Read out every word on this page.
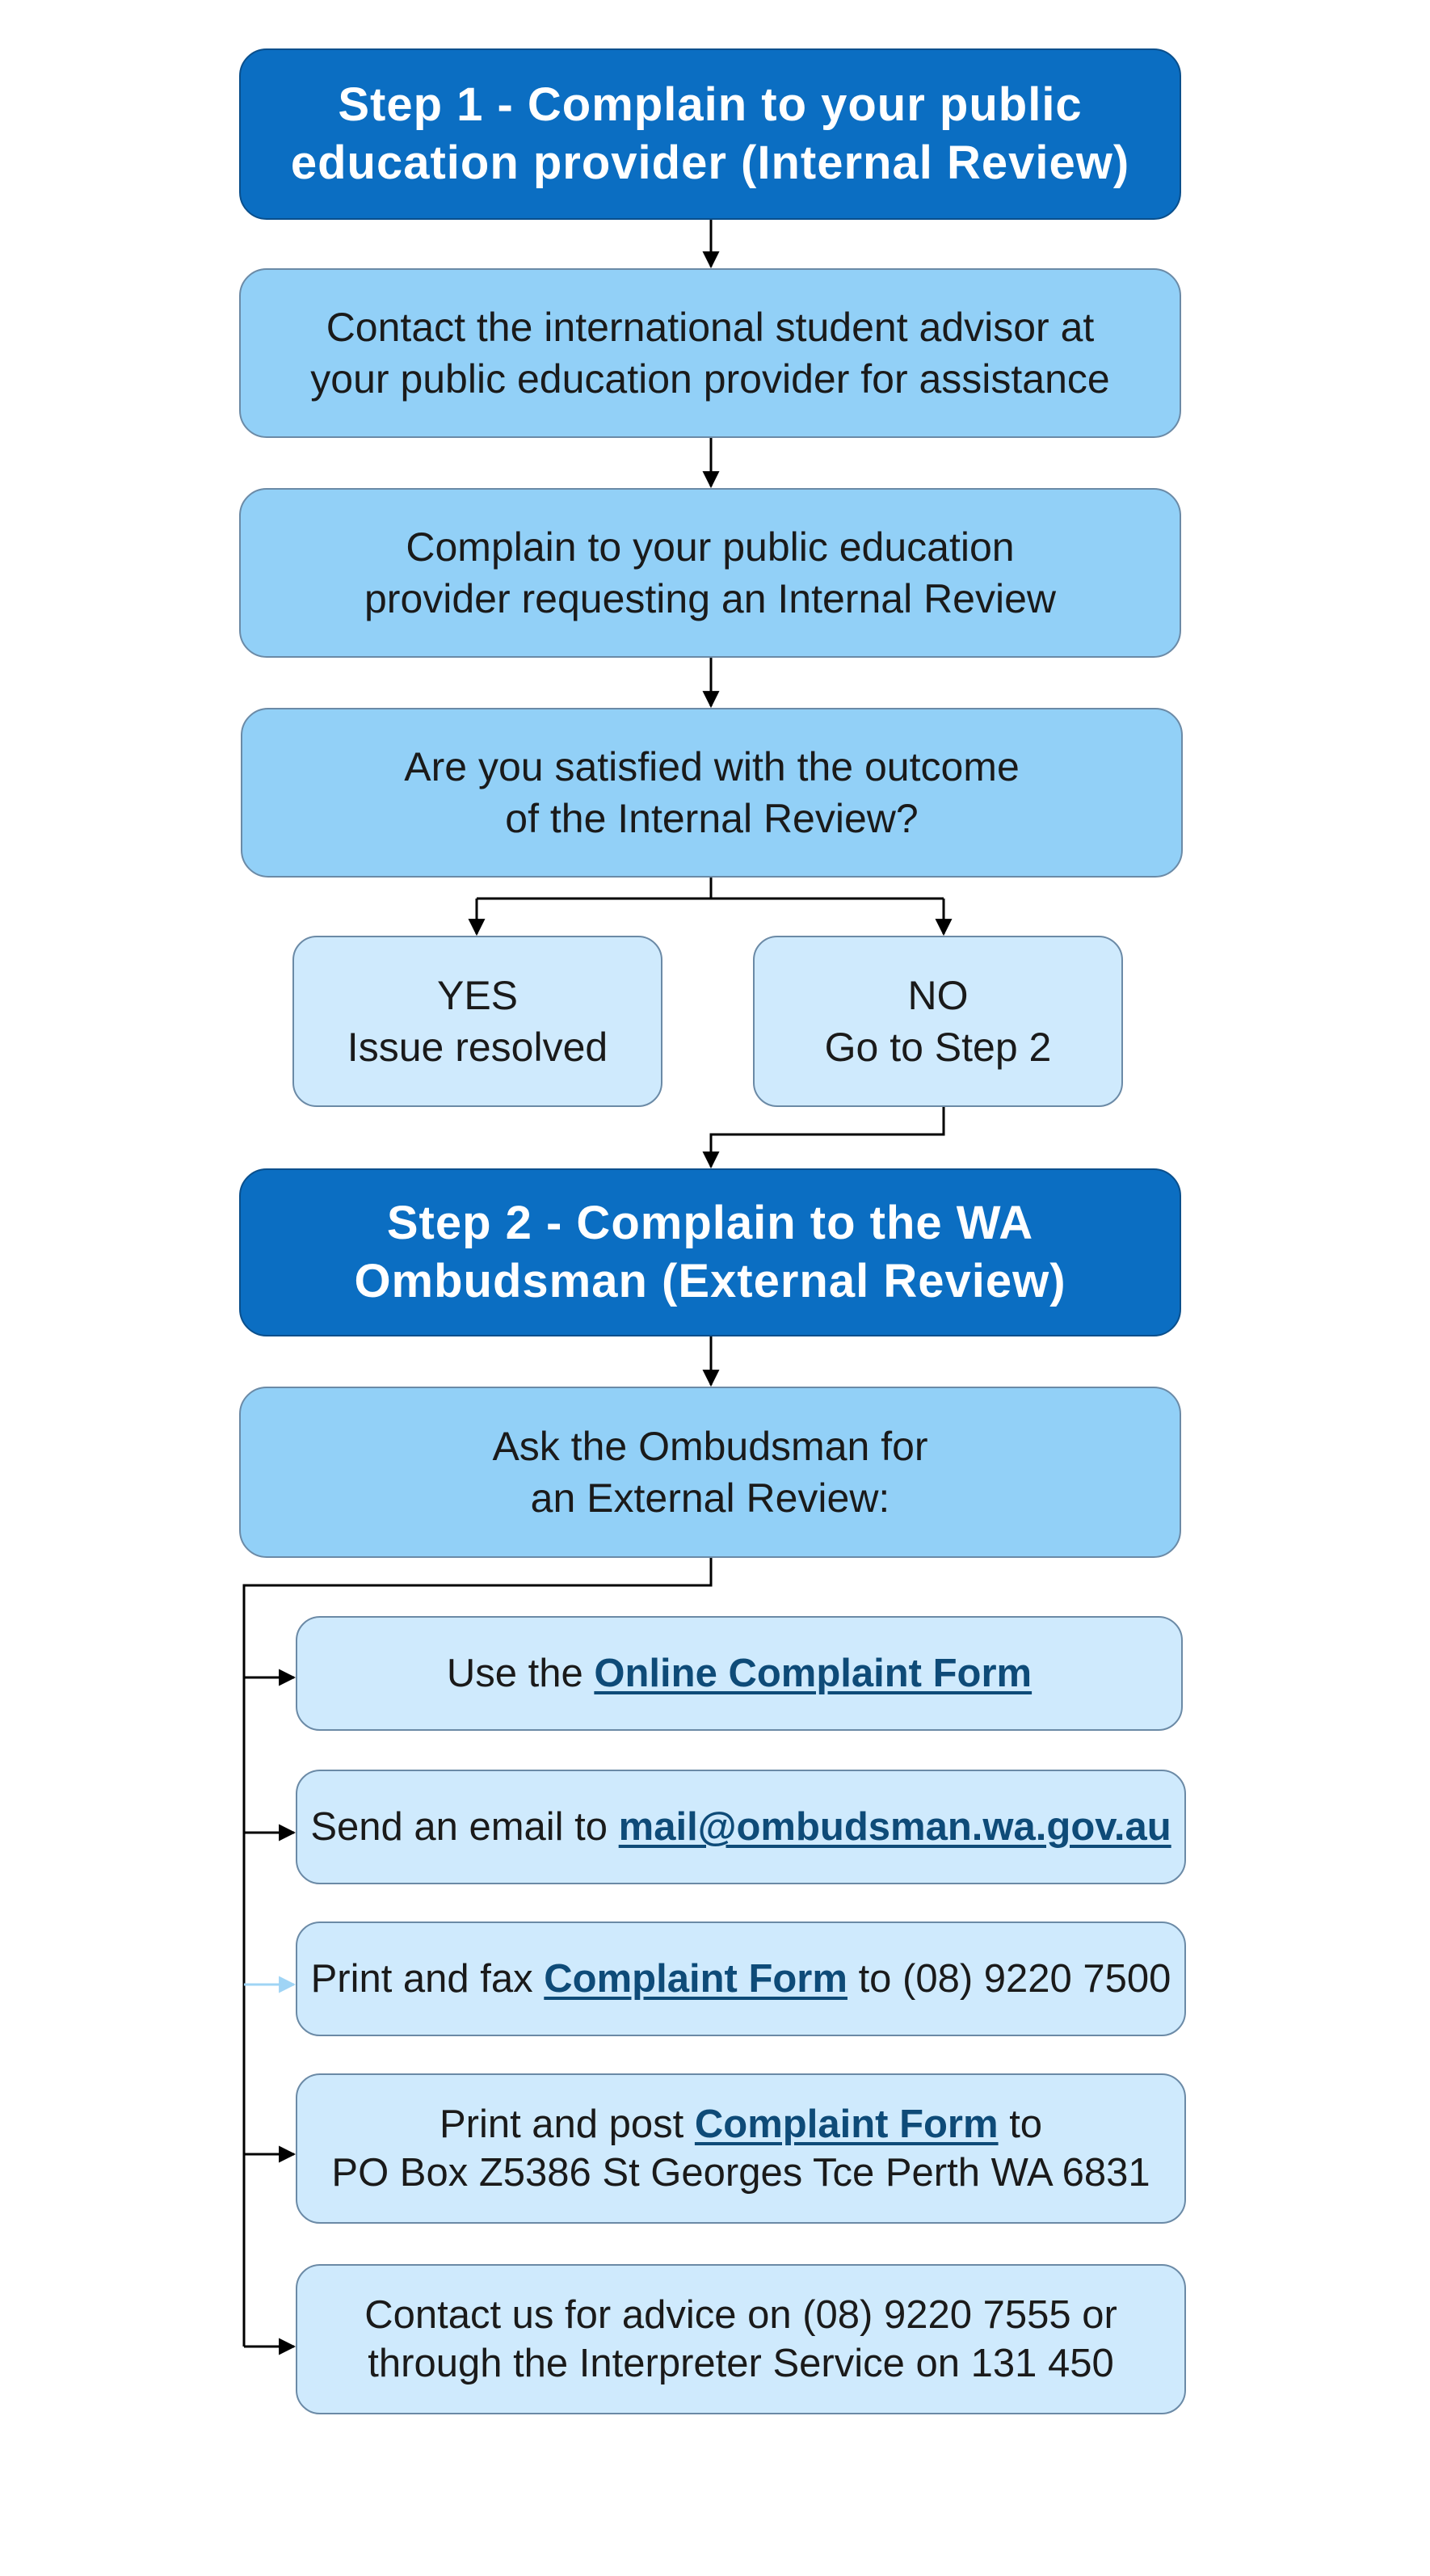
Step 1 - Complain to your public
education provider (Internal Review)
Contact the international student advisor at
your public education provider for assistance
Complain to your public education
provider requesting an Internal Review
Are you satisfied with the outcome
of the Internal Review?
YES
Issue resolved
NO
Go to Step 2
Step 2 - Complain to the WA
Ombudsman (External Review)
Ask the Ombudsman for
an External Review:
Use the Online Complaint Form
Send an email to mail@ombudsman.wa.gov.au
Print and fax Complaint Form to (08) 9220 7500
Print and post Complaint Form to
PO Box Z5386 St Georges Tce Perth WA 6831
Contact us for advice on (08) 9220 7555 or
through the Interpreter Service on 131 450
